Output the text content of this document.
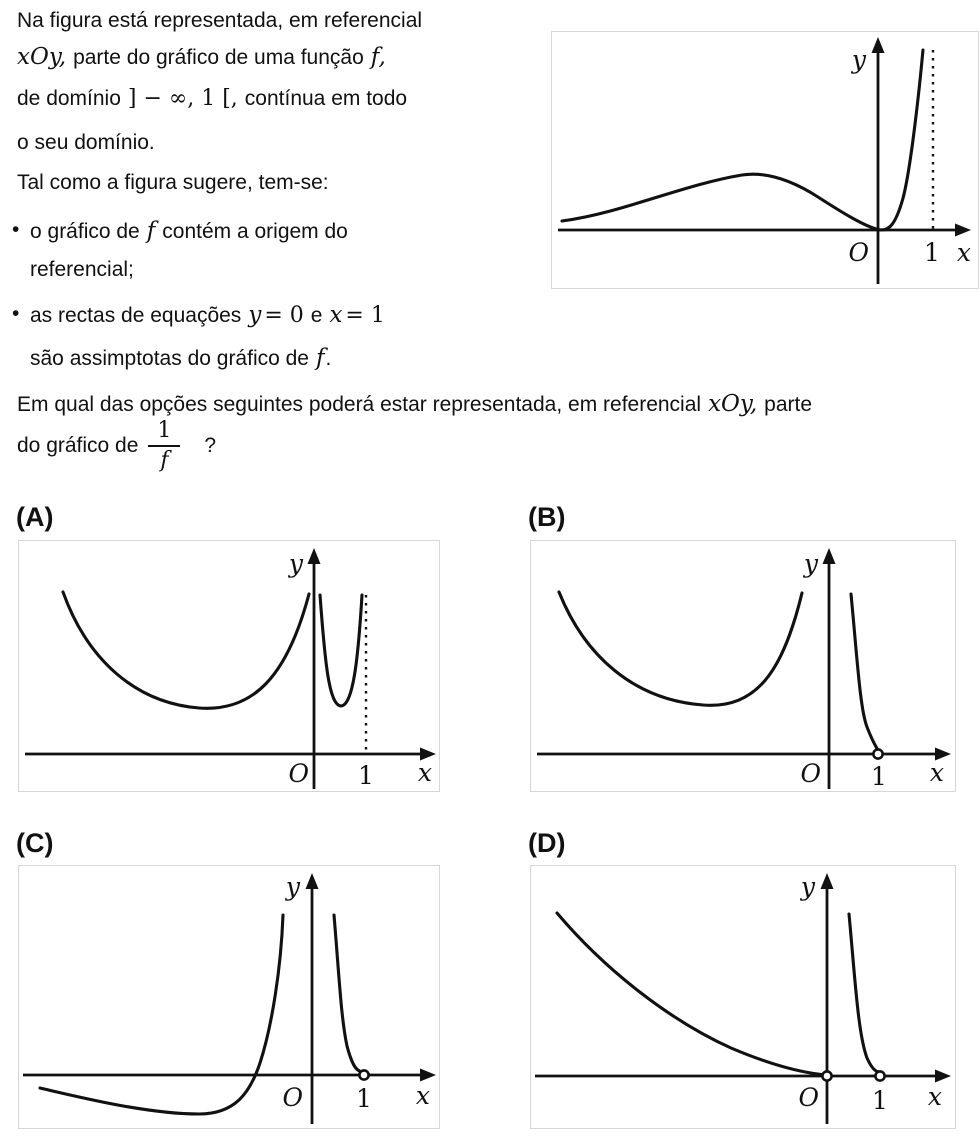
Na figura está representada, em referencial
xOy, parte do gráfico de uma função f,
de domínio ] − ∞, 1 [, contínua em todo
o seu domínio.
Tal como a figura sugere, tem-se:
• o gráfico de f contém a origem do
referencial;
• as rectas de equações y = 0 e x = 1
são assimptotas do gráfico de f.
Em qual das opções seguintes poderá estar representada, em referencial xOy, parte
do gráfico de $\frac{1}{f}$ ?
y
O 1 x
(A)
y
O 1 x
(B)
y
O 1 x
(C)
y
O 1 x
(D)
y
O 1 x
